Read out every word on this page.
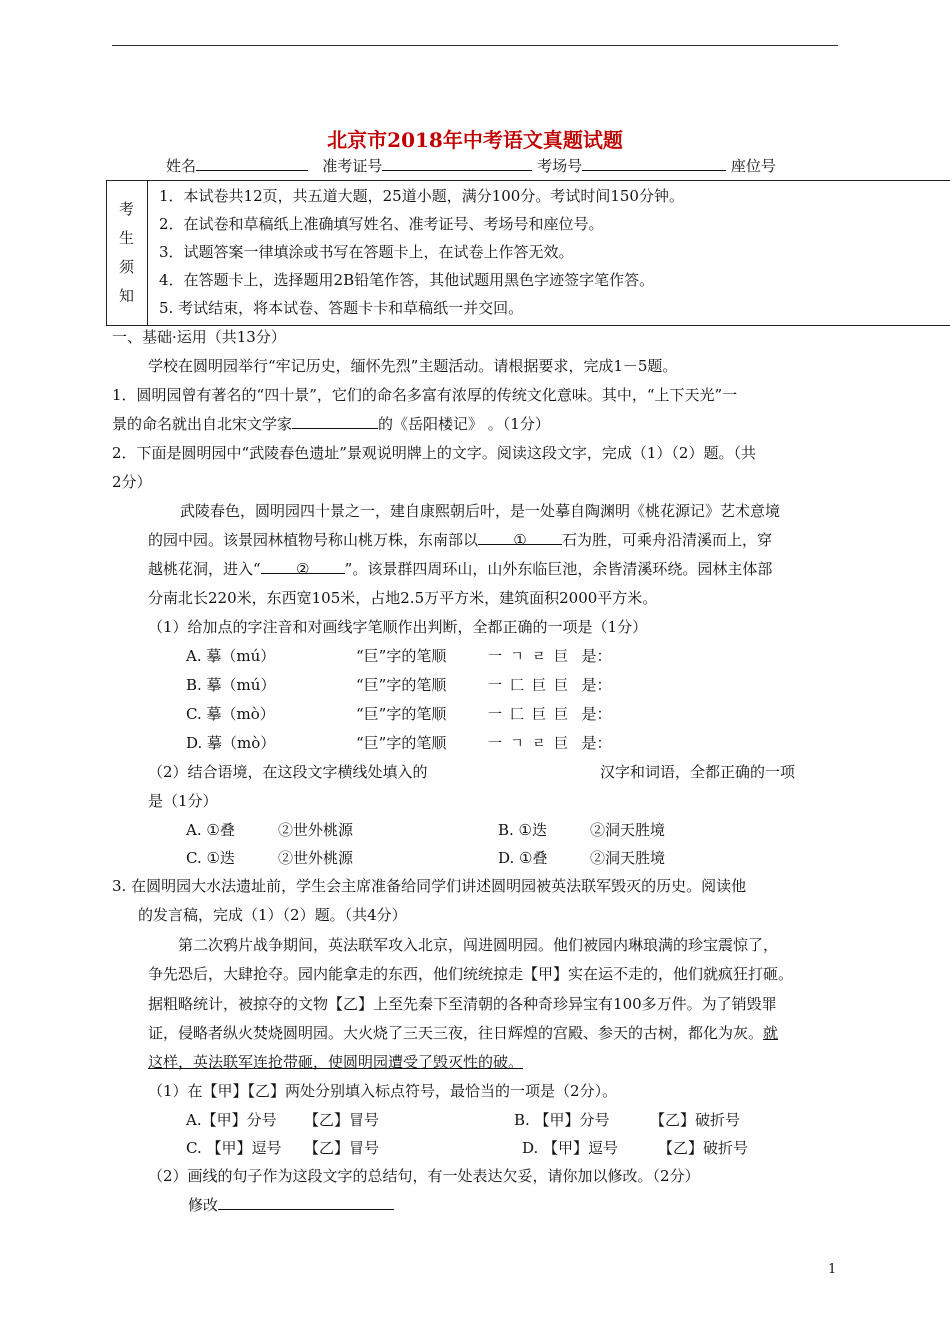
北京市2018年中考语文真题试题
姓名	准考证号	考场号	座位号
考
生
须
知
1．本试卷共12页，共五道大题，25道小题，满分100分。考试时间150分钟。
2．在试卷和草稿纸上准确填写姓名、准考证号、考场号和座位号。
3．试题答案一律填涂或书写在答题卡上，在试卷上作答无效。
4．在答题卡上，选择题用2B铅笔作答，其他试题用黑色字迹签字笔作答。
5. 考试结束，将本试卷、答题卡卡和草稿纸一并交回。
一、基础·运用（共13分）
学校在圆明园举行“牢记历史，缅怀先烈”主题活动。请根据要求，完成1－5题。
1．圆明园曾有著名的“四十景”，它们的命名多富有浓厚的传统文化意味。其中，“上下天光”一
景的命名就出自北宋文学家	的《岳阳楼记》 。（1分）
2．下面是圆明园中“武陵春色遗址”景观说明牌上的文字。阅读这段文字，完成（1）（2）题。（共
2分）
武陵春色，圆明园四十景之一，建自康熙朝后叶，是一处摹自陶渊明《桃花源记》艺术意境
的园中园。该景园林植物号称山桃万株，东南部以 ① 石为胜，可乘舟沿清溪而上，穿
越桃花洞，进入“ ② ”。该景群四周环山，山外东临巨池，余皆清溪环绕。园林主体部
分南北长220米，东西宽105米，占地2.5万平方米，建筑面积2000平方米。
（1）给加点的字注音和对画线字笔顺作出判断，全都正确的一项是（1分）
A. 摹（mú）	“巨”字的笔顺	一 ㄱ ㄹ 巨 是：
B. 摹（mú）	“巨”字的笔顺	一 匚 巨 巨 是：
C. 摹（mò）	“巨”字的笔顺	一 匚 巨 巨 是：
D. 摹（mò）	“巨”字的笔顺	一 ㄱ ㄹ 巨 是：
（2）结合语境，在这段文字横线处填入的	汉字和词语，全都正确的一项
是（1分）
A. ①叠	②世外桃源	B. ①迭	②洞天胜境
C. ①迭	②世外桃源	D. ①叠	②洞天胜境
3. 在圆明园大水法遗址前，学生会主席准备给同学们讲述圆明园被英法联军毁灭的历史。阅读他
的发言稿，完成（1）（2）题。（共4分）
第二次鸦片战争期间，英法联军攻入北京，闯进圆明园。他们被园内琳琅满的珍宝震惊了，
争先恐后，大肆抢夺。园内能拿走的东西，他们统统掠走【甲】实在运不走的，他们就疯狂打砸。
据粗略统计，被掠夺的文物【乙】上至先秦下至清朝的各种奇珍异宝有100多万件。为了销毁罪
证，侵略者纵火焚烧圆明园。大火烧了三天三夜，往日辉煌的宫殿、参天的古树，都化为灰。就
这样，英法联军连抢带砸，使圆明园遭受了毁灭性的破。
（1）在【甲】【乙】两处分别填入标点符号，最恰当的一项是（2分）。
A.【甲】分号 【乙】冒号	B. 【甲】分号	【乙】破折号
C. 【甲】逗号 【乙】冒号	D. 【甲】逗号	【乙】破折号
（2）画线的句子作为这段文字的总结句，有一处表达欠妥，请你加以修改。（2分）
修改
1
